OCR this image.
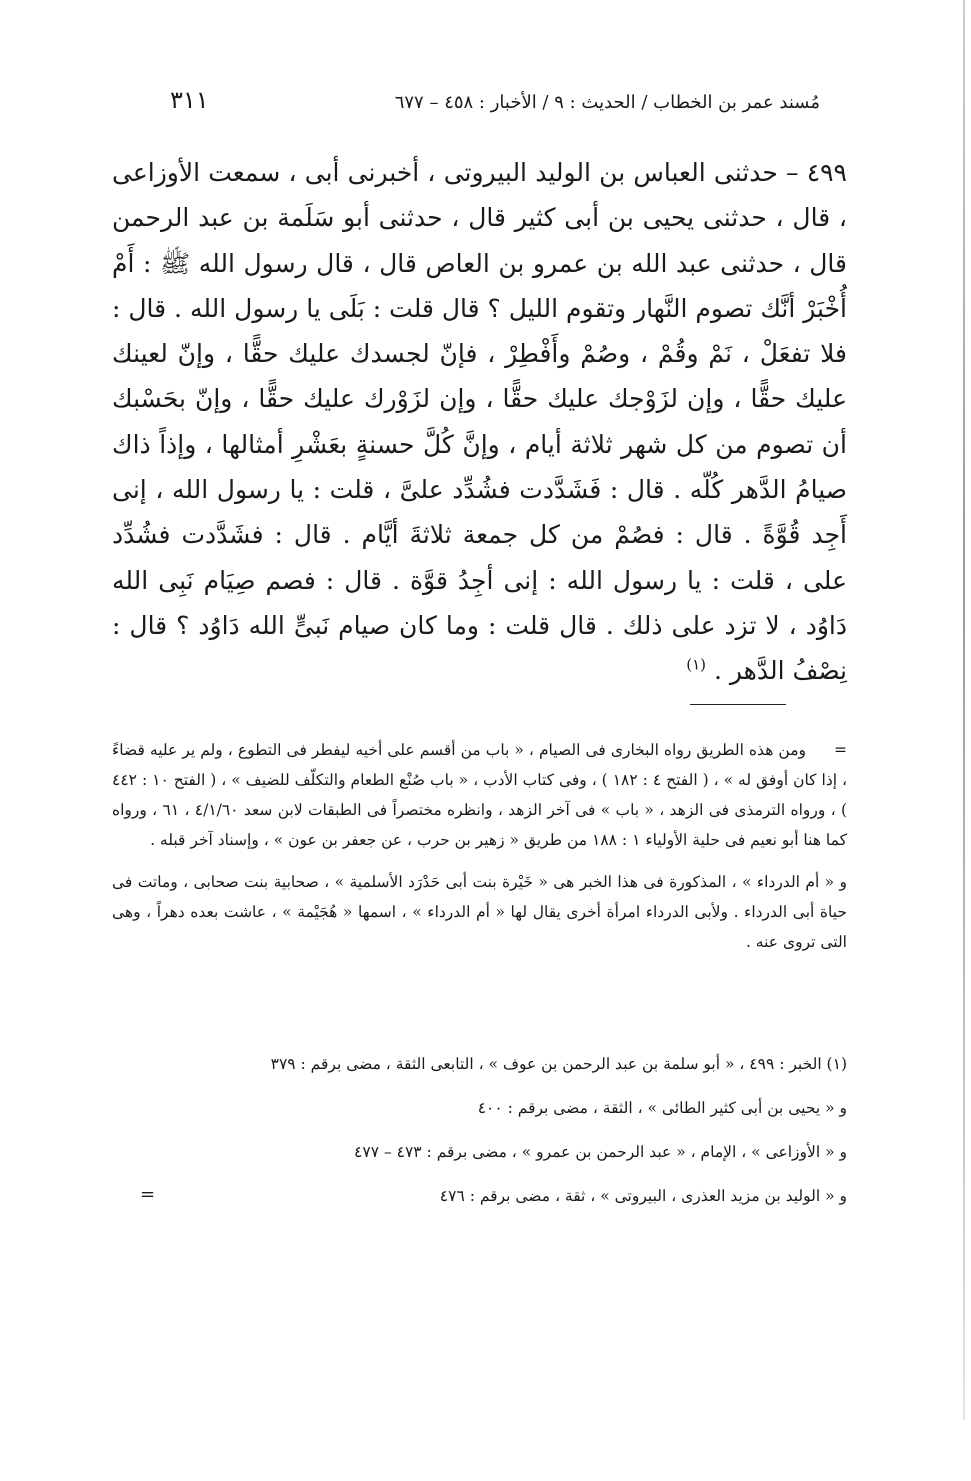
مُسند عمر بن الخطاب / الحديث : ٩ / الأخبار : ٤٥٨ – ٦٧٧
٣١١

٤٩٩ – حدثنى العباس بن الوليد البيروتى ، أخبرنى أبى ، سمعت الأوزاعى ، قال ، حدثنى يحيى بن أبى كثير قال ، حدثنى أبو سَلَمة بن عبد الرحمن قال ، حدثنى عبد الله بن عمرو بن العاص قال ، قال رسول الله ﷺ : أَمْ أُخْبَرْ أنَّك تصوم النَّهار وتقوم الليل ؟ قال قلت : بَلَى يا رسول الله . قال : فلا تفعَلْ ، نَمْ وقُمْ ، وصُمْ وأَفْطِرْ ، فإنّ لجسدك عليك حقًّا ، وإنّ لعينك عليك حقًّا ، وإن لزَوْجك عليك حقًّا ، وإن لزَوْرك عليك حقًّا ، وإنّ بحَسْبك أن تصوم من كل شهر ثلاثة أيام ، وإنَّ كُلَّ حسنةٍ بعَشْرِ أمثالها ، وإذاً ذاك صيامُ الدَّهر كُلّه . قال : فَشَدَّدت فشُدِّد علىَّ ، قلت : يا رسول الله ، إنى أَجِد قُوَّةً . قال : فصُمْ من كل جمعة ثلاثةَ أيَّام . قال : فشَدَّدت فشُدِّد على ، قلت : يا رسول الله : إنى أجِدُ قوَّة . قال : فصم صِيَام نَبِى الله دَاوُد ، لا تزد على ذلك . قال قلت : وما كان صيام نَبىٍّ الله دَاوُد ؟ قال : نِصْفُ الدَّهر . $^{(١)}$

=ومن هذه الطريق رواه البخارى فى الصيام ، « باب من أقسم على أخيه ليفطر فى التطوع ، ولم ير عليه قضاءً ، إذا كان أوفق له » ، ( الفتح ٤ : ١٨٢ ) ، وفى كتاب الأدب ، « باب صُنْع الطعام والتكلّف للضيف » ، ( الفتح ١٠ : ٤٤٢ ) ، ورواه الترمذى فى الزهد ، « باب » فى آخر الزهد ، وانظره مختصراً فى الطبقات لابن سعد ٤/١/٦٠ ، ٦١ ، ورواه كما هنا أبو نعيم فى حلية الأولياء ١ : ١٨٨ من طريق « زهير بن حرب ، عن جعفر بن عون » ، وإسناد آخر قبله .

و « أم الدرداء » ، المذكورة فى هذا الخبر هى « خَيْرة بنت أبى حَدْرَد الأسلمية » ، صحابية بنت صحابى ، وماتت فى حياة أبى الدرداء . ولأبى الدرداء امرأة أخرى يقال لها « أم الدرداء » ، اسمها « هُجَيْمة » ، عاشت بعده دهراً ، وهى التى تروى عنه .

(١) الخبر : ٤٩٩ ، « أبو سلمة بن عبد الرحمن بن عوف » ، التابعى الثقة ، مضى برقم : ٣٧٩

و « يحيى بن أبى كثير الطائى » ، الثقة ، مضى برقم : ٤٠٠

و « الأوزاعى » ، الإمام ، « عبد الرحمن بن عمرو » ، مضى برقم : ٤٧٣ – ٤٧٧

و « الوليد بن مزيد العذرى ، البيروتى » ، ثقة ، مضى برقم : ٤٧٦

=
